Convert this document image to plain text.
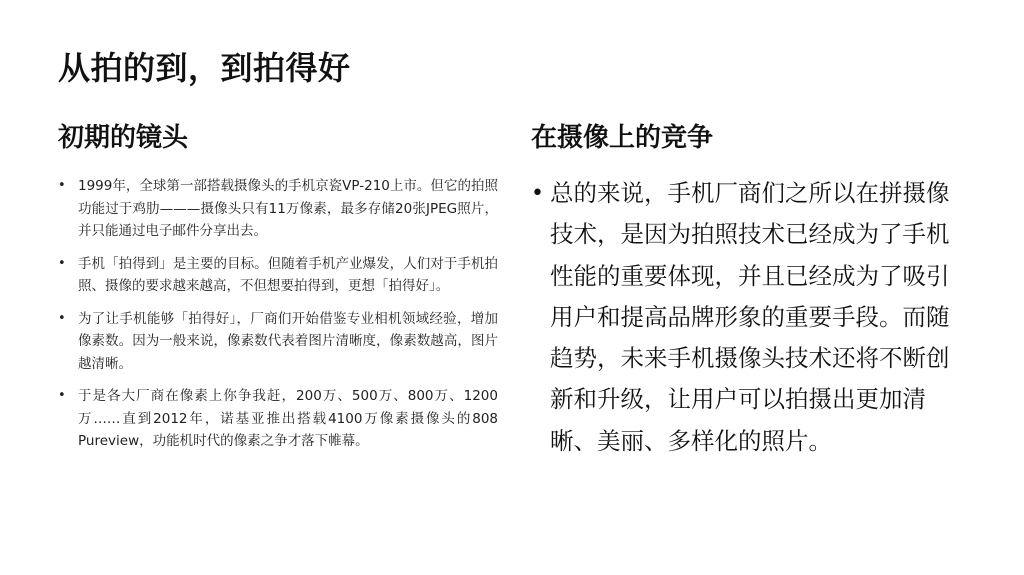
从拍的到，到拍得好
初期的镜头
• 1999年，全球第一部搭载摄像头的手机京瓷VP-210上市。但它的拍照功能过于鸡肋———摄像头只有11万像素，最多存储20张JPEG照片，并只能通过电子邮件分享出去。
• 手机「拍得到」是主要的目标。但随着手机产业爆发，人们对于手机拍照、摄像的要求越来越高，不但想要拍得到，更想「拍得好」。
• 为了让手机能够「拍得好」，厂商们开始借鉴专业相机领域经验，增加像素数。因为一般来说，像素数代表着图片清晰度，像素数越高，图片越清晰。
• 于是各大厂商在像素上你争我赶，200万、500万、800万、1200万……直到2012年，诺基亚推出搭载4100万像素摄像头的808 Pureview，功能机时代的像素之争才落下帷幕。
在摄像上的竞争
• 总的来说，手机厂商们之所以在拼摄像技术，是因为拍照技术已经成为了手机性能的重要体现，并且已经成为了吸引用户和提高品牌形象的重要手段。而随趋势，未来手机摄像头技术还将不断创新和升级，让用户可以拍摄出更加清晰、美丽、多样化的照片。
